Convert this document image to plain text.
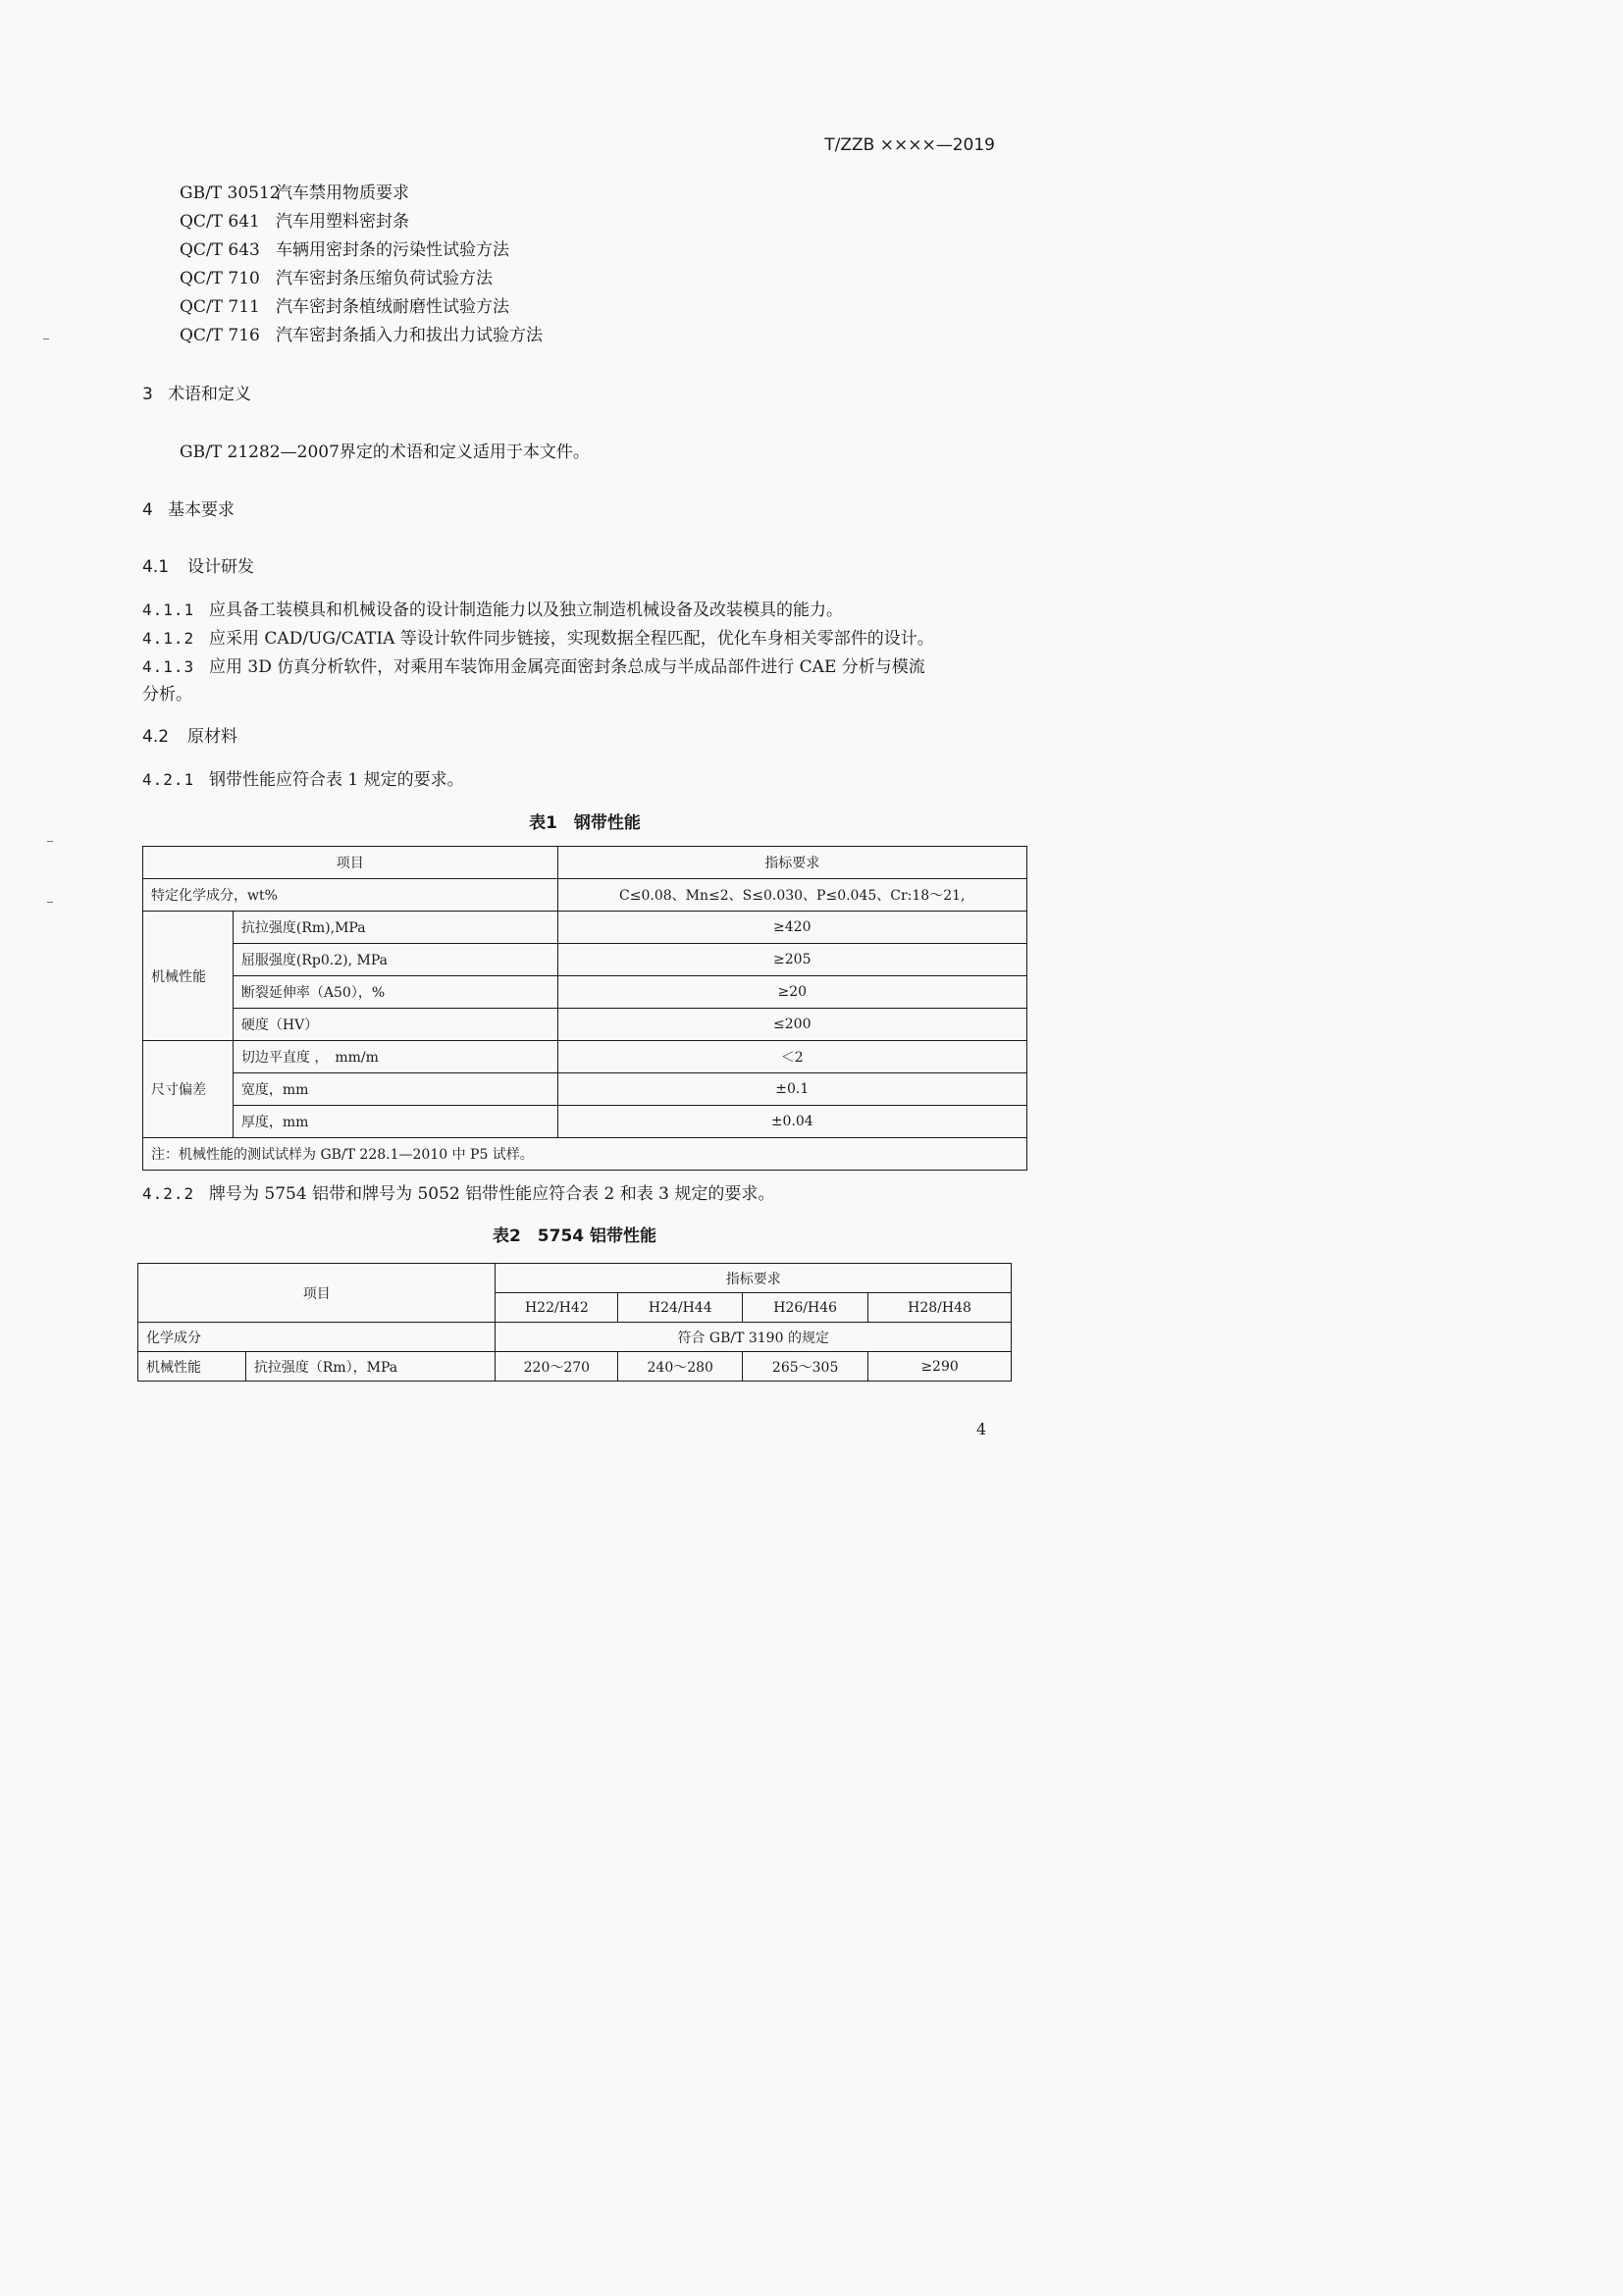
T/ZZB ××××—2019
GB/T 30512汽车禁用物质要求
QC/T 641 汽车用塑料密封条
QC/T 643 车辆用密封条的污染性试验方法
QC/T 710 汽车密封条压缩负荷试验方法
QC/T 711 汽车密封条植绒耐磨性试验方法
QC/T 716 汽车密封条插入力和拔出力试验方法
3 术语和定义
GB/T 21282—2007界定的术语和定义适用于本文件。
4 基本要求
4.1 设计研发
4.1.1 应具备工装模具和机械设备的设计制造能力以及独立制造机械设备及改装模具的能力。
4.1.2 应采用 CAD/UG/CATIA 等设计软件同步链接，实现数据全程匹配，优化车身相关零部件的设计。
4.1.3 应用 3D 仿真分析软件，对乘用车装饰用金属亮面密封条总成与半成品部件进行 CAE 分析与模流
分析。
4.2 原材料
4.2.1 钢带性能应符合表 1 规定的要求。
表1　钢带性能
项目		指标要求
特定化学成分，wt%		C≤0.08、Mn≤2、S≤0.030、P≤0.045、Cr:18～21,
机械性能	抗拉强度(Rm),MPa	≥420
	屈服强度(Rp0.2), MPa	≥205
	断裂延伸率（A50），%	≥20
	硬度（HV）	≤200
尺寸偏差	切边平直度 ，　mm/m	＜2
	宽度，mm	±0.1
	厚度，mm	±0.04
注：机械性能的测试试样为 GB/T 228.1—2010 中 P5 试样。		
4.2.2 牌号为 5754 铝带和牌号为 5052 铝带性能应符合表 2 和表 3 规定的要求。
表2　5754 铝带性能
项目		指标要求			
		H22/H42	H24/H44	H26/H46	H28/H48
化学成分		符合 GB/T 3190 的规定			
机械性能	抗拉强度（Rm），MPa	220～270	240～280	265～305	≥290
4
